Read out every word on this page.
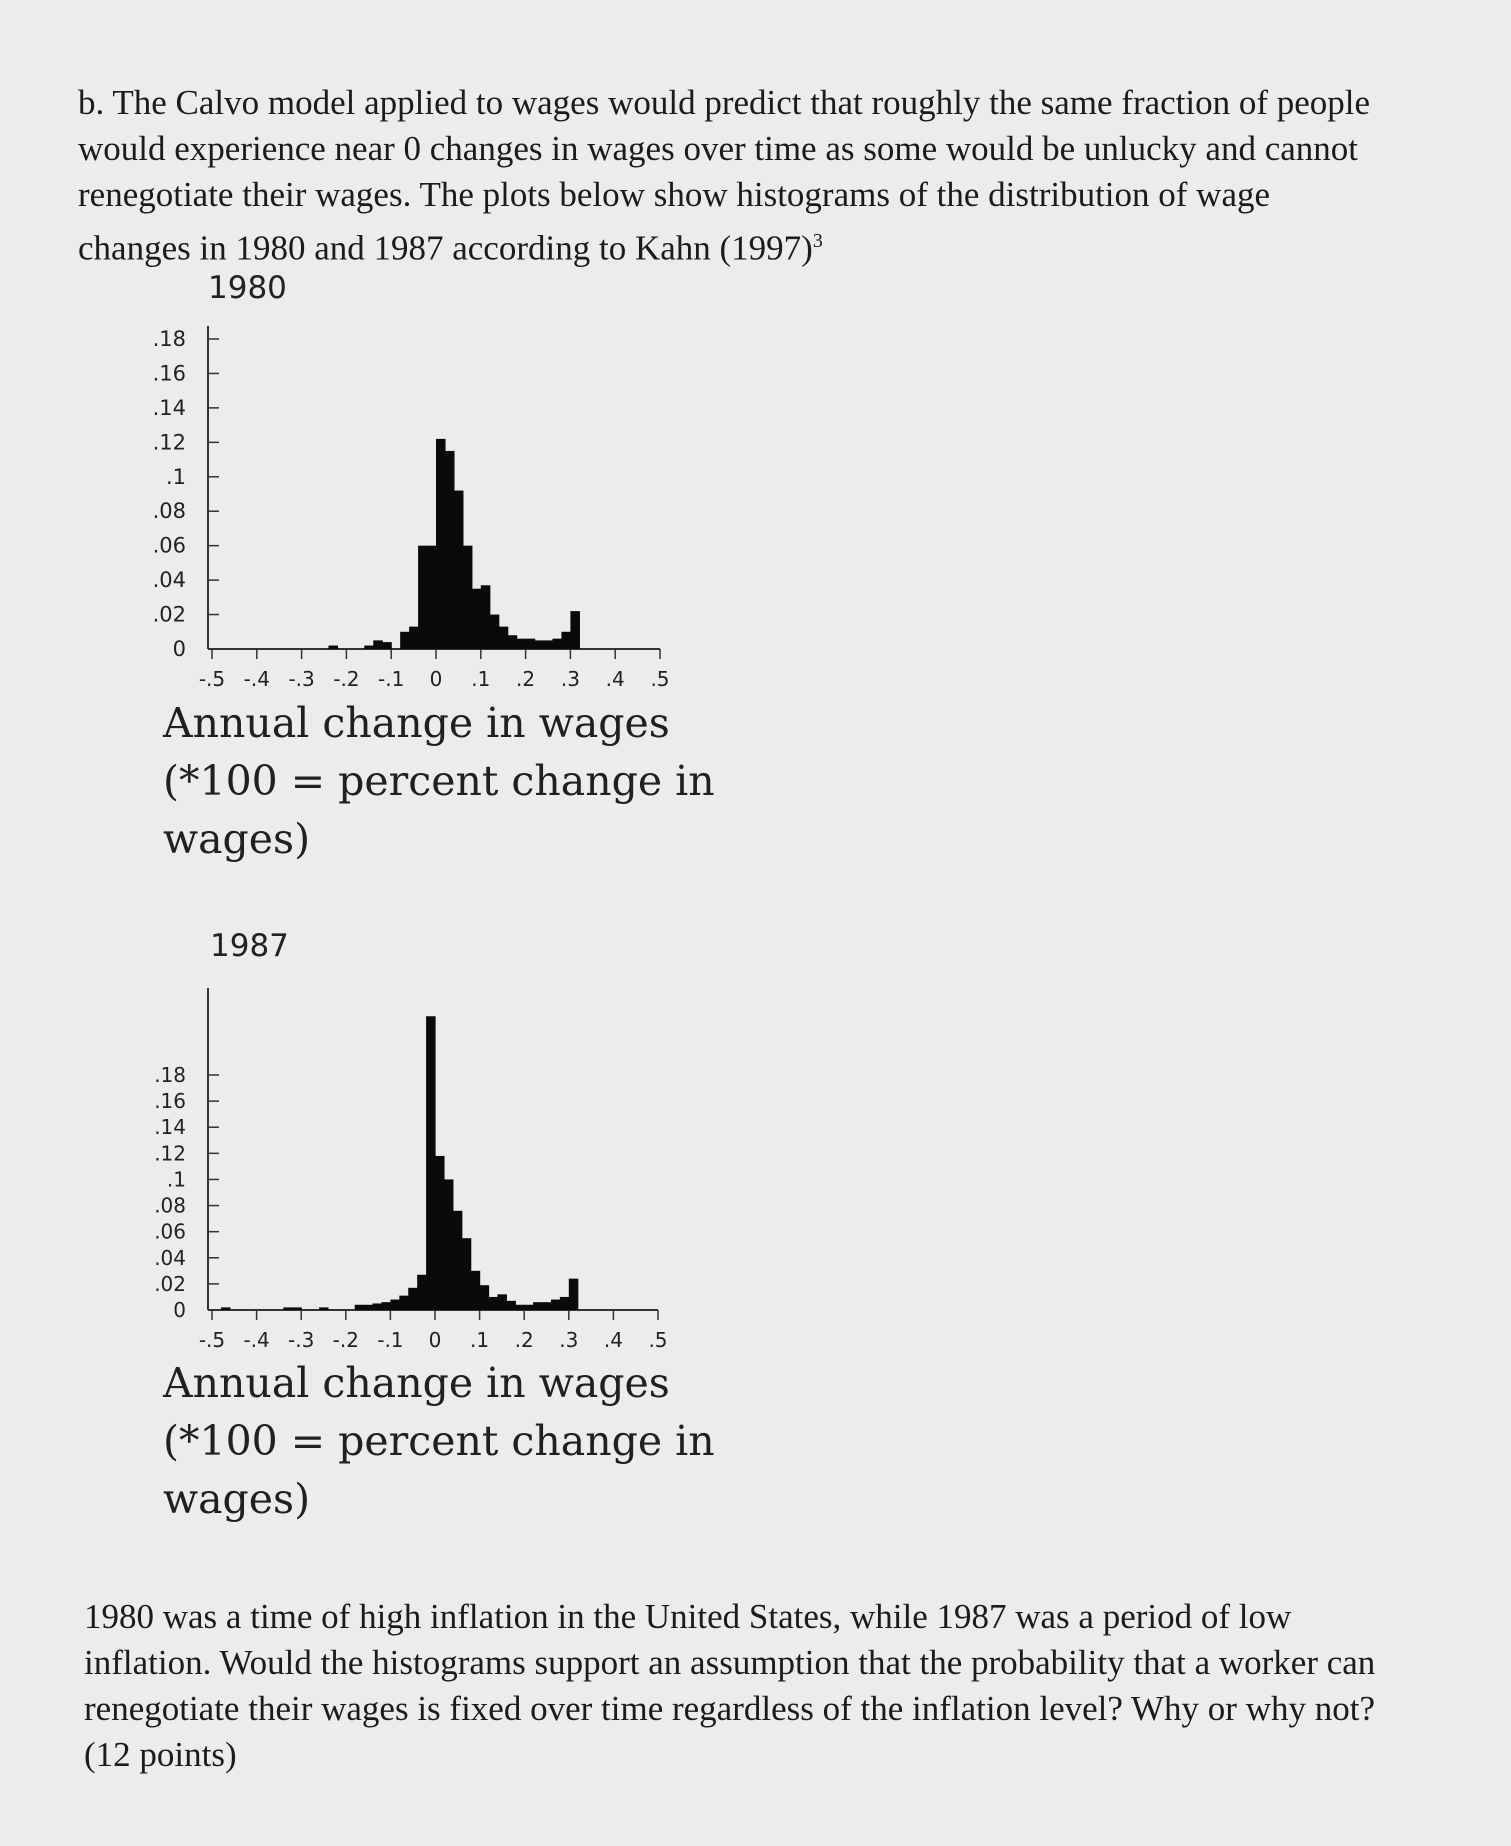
b. The Calvo model applied to wages would predict that roughly the same fraction of people
would experience near 0 changes in wages over time as some would be unlucky and cannot
renegotiate their wages. The plots below show histograms of the distribution of wage
changes in 1980 and 1987 according to Kahn $(1997)^3$
1980
.18
.16
.14
.12
.1
.08
.06
.04
.02
0
-.5 -.4 -.3 -.2 -.1 0 .1 .2 .3 .4 .5
Annual change in wages
(*100 = percent change in
wages)
1987
.18
.16
.14
.12
.1
.08
.06
.04
.02
0
-.5 -.4 -.3 -.2 -.1 0 .1 .2 .3 .4 .5
Annual change in wages
(*100 = percent change in
wages)
1980 was a time of high inflation in the United States, while 1987 was a period of low
inflation. Would the histograms support an assumption that the probability that a worker can
renegotiate their wages is fixed over time regardless of the inflation level? Why or why not?
(12 points)
